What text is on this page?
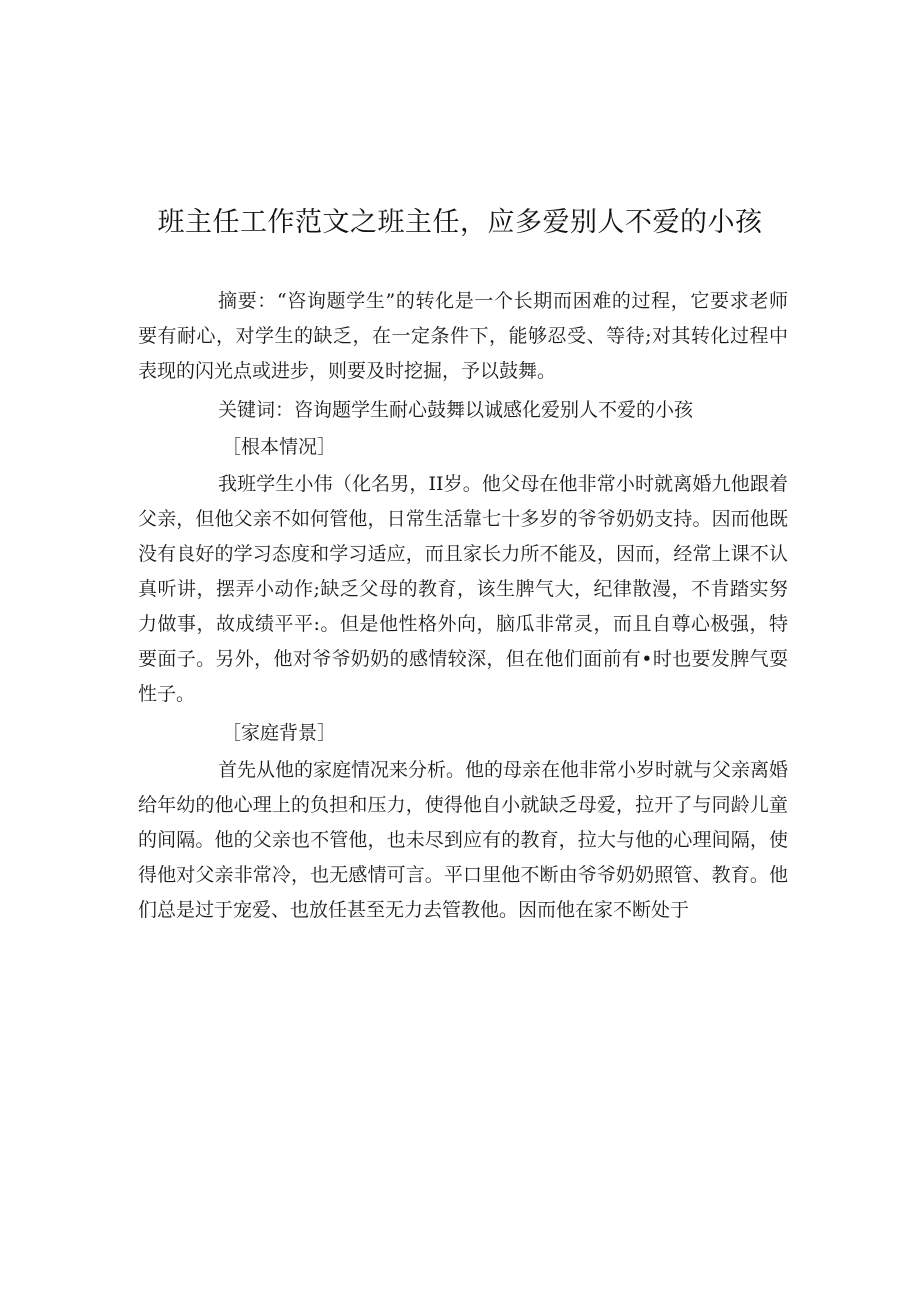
班主任工作范文之班主任，应多爱别人不爱的小孩

摘要：“咨询题学生”的转化是一个长期而困难的过程，它要求老师要有耐心，对学生的缺乏，在一定条件下，能够忍受、等待;对其转化过程中表现的闪光点或进步，则要及时挖掘，予以鼓舞。

关键词：咨询题学生耐心鼓舞以诚感化爱别人不爱的小孩

［根本情况］

我班学生小伟（化名男，II岁。他父母在他非常小时就离婚九他跟着父亲，但他父亲不如何管他，日常生活靠七十多岁的爷爷奶奶支持。因而他既没有良好的学习态度和学习适应，而且家长力所不能及，因而，经常上课不认真听讲，摆弄小动作;缺乏父母的教育，该生脾气大，纪律散漫，不肯踏实努力做事，故成绩平平:。但是他性格外向，脑瓜非常灵，而且自尊心极强，特要面子。另外，他对爷爷奶奶的感情较深，但在他们面前有•时也要发脾气耍性子。

［家庭背景］

首先从他的家庭情况来分析。他的母亲在他非常小岁时就与父亲离婚给年幼的他心理上的负担和压力，使得他自小就缺乏母爱，拉开了与同龄儿童的间隔。他的父亲也不管他，也未尽到应有的教育，拉大与他的心理间隔，使得他对父亲非常冷，也无感情可言。平口里他不断由爷爷奶奶照管、教育。他们总是过于宠爱、也放任甚至无力去管教他。因而他在家不断处于
